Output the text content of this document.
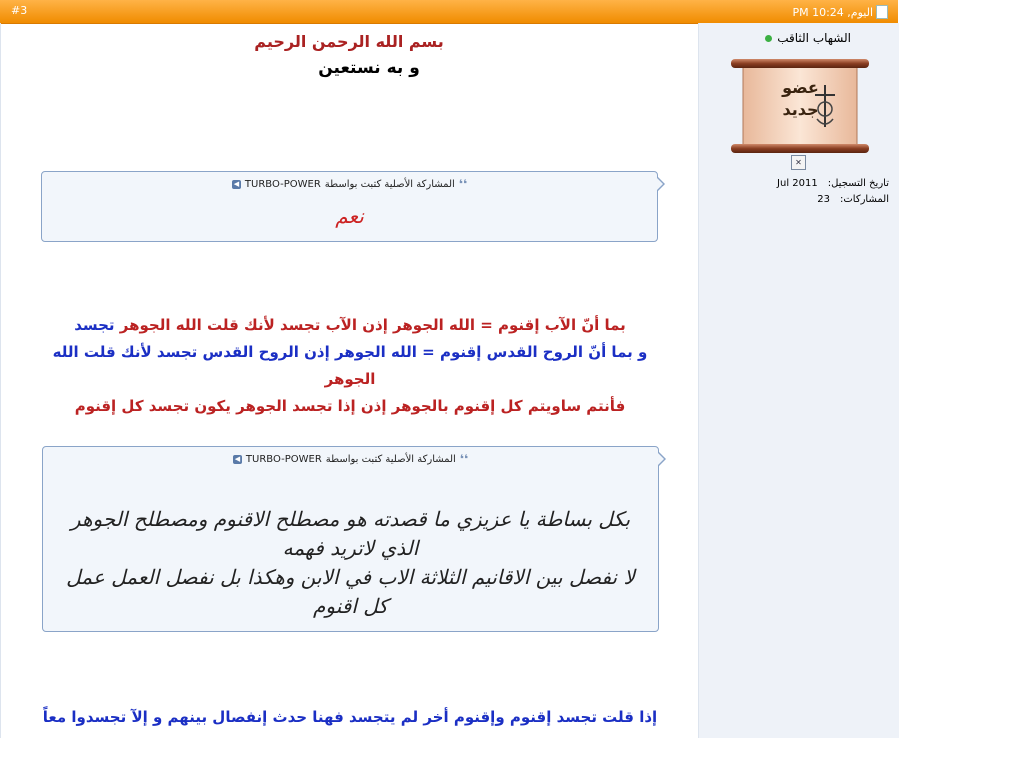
#3	اليوم, 10:24 PM
الشهاب الثاقب
عضو
جديد
✕
تاريخ التسجيل:
Jul 2011
المشاركات:
23
بسم الله الرحمن الرحيم
و به نستعين
❛❛
المشاركة الأصلية كتبت بواسطة
TURBO-POWER
◀
نعم
بما أنّ الآب إقنوم = الله الجوهر إذن الآب تجسد لأنك قلت الله الجوهر تجسد
و بما أنّ الروح القدس إقنوم = الله الجوهر إذن الروح القدس تجسد لأنك قلت الله الجوهر
فأنتم ساويتم كل إقنوم بالجوهر إذن إذا تجسد الجوهر يكون تجسد كل إقنوم
❛❛
المشاركة الأصلية كتبت بواسطة
TURBO-POWER
◀
بكل بساطة يا عزيزي ما قصدته هو مصطلح الاقنوم ومصطلح الجوهر الذي لاتريد فهمه
لا نفصل بين الاقانيم الثلاثة الاب في الابن وهكذا بل نفصل العمل عمل كل اقنوم
إذا قلت تجسد إقنوم وإقنوم أخر لم يتجسد فهنا حدث إنفصال بينهم و إلآ تجسدوا معاً
